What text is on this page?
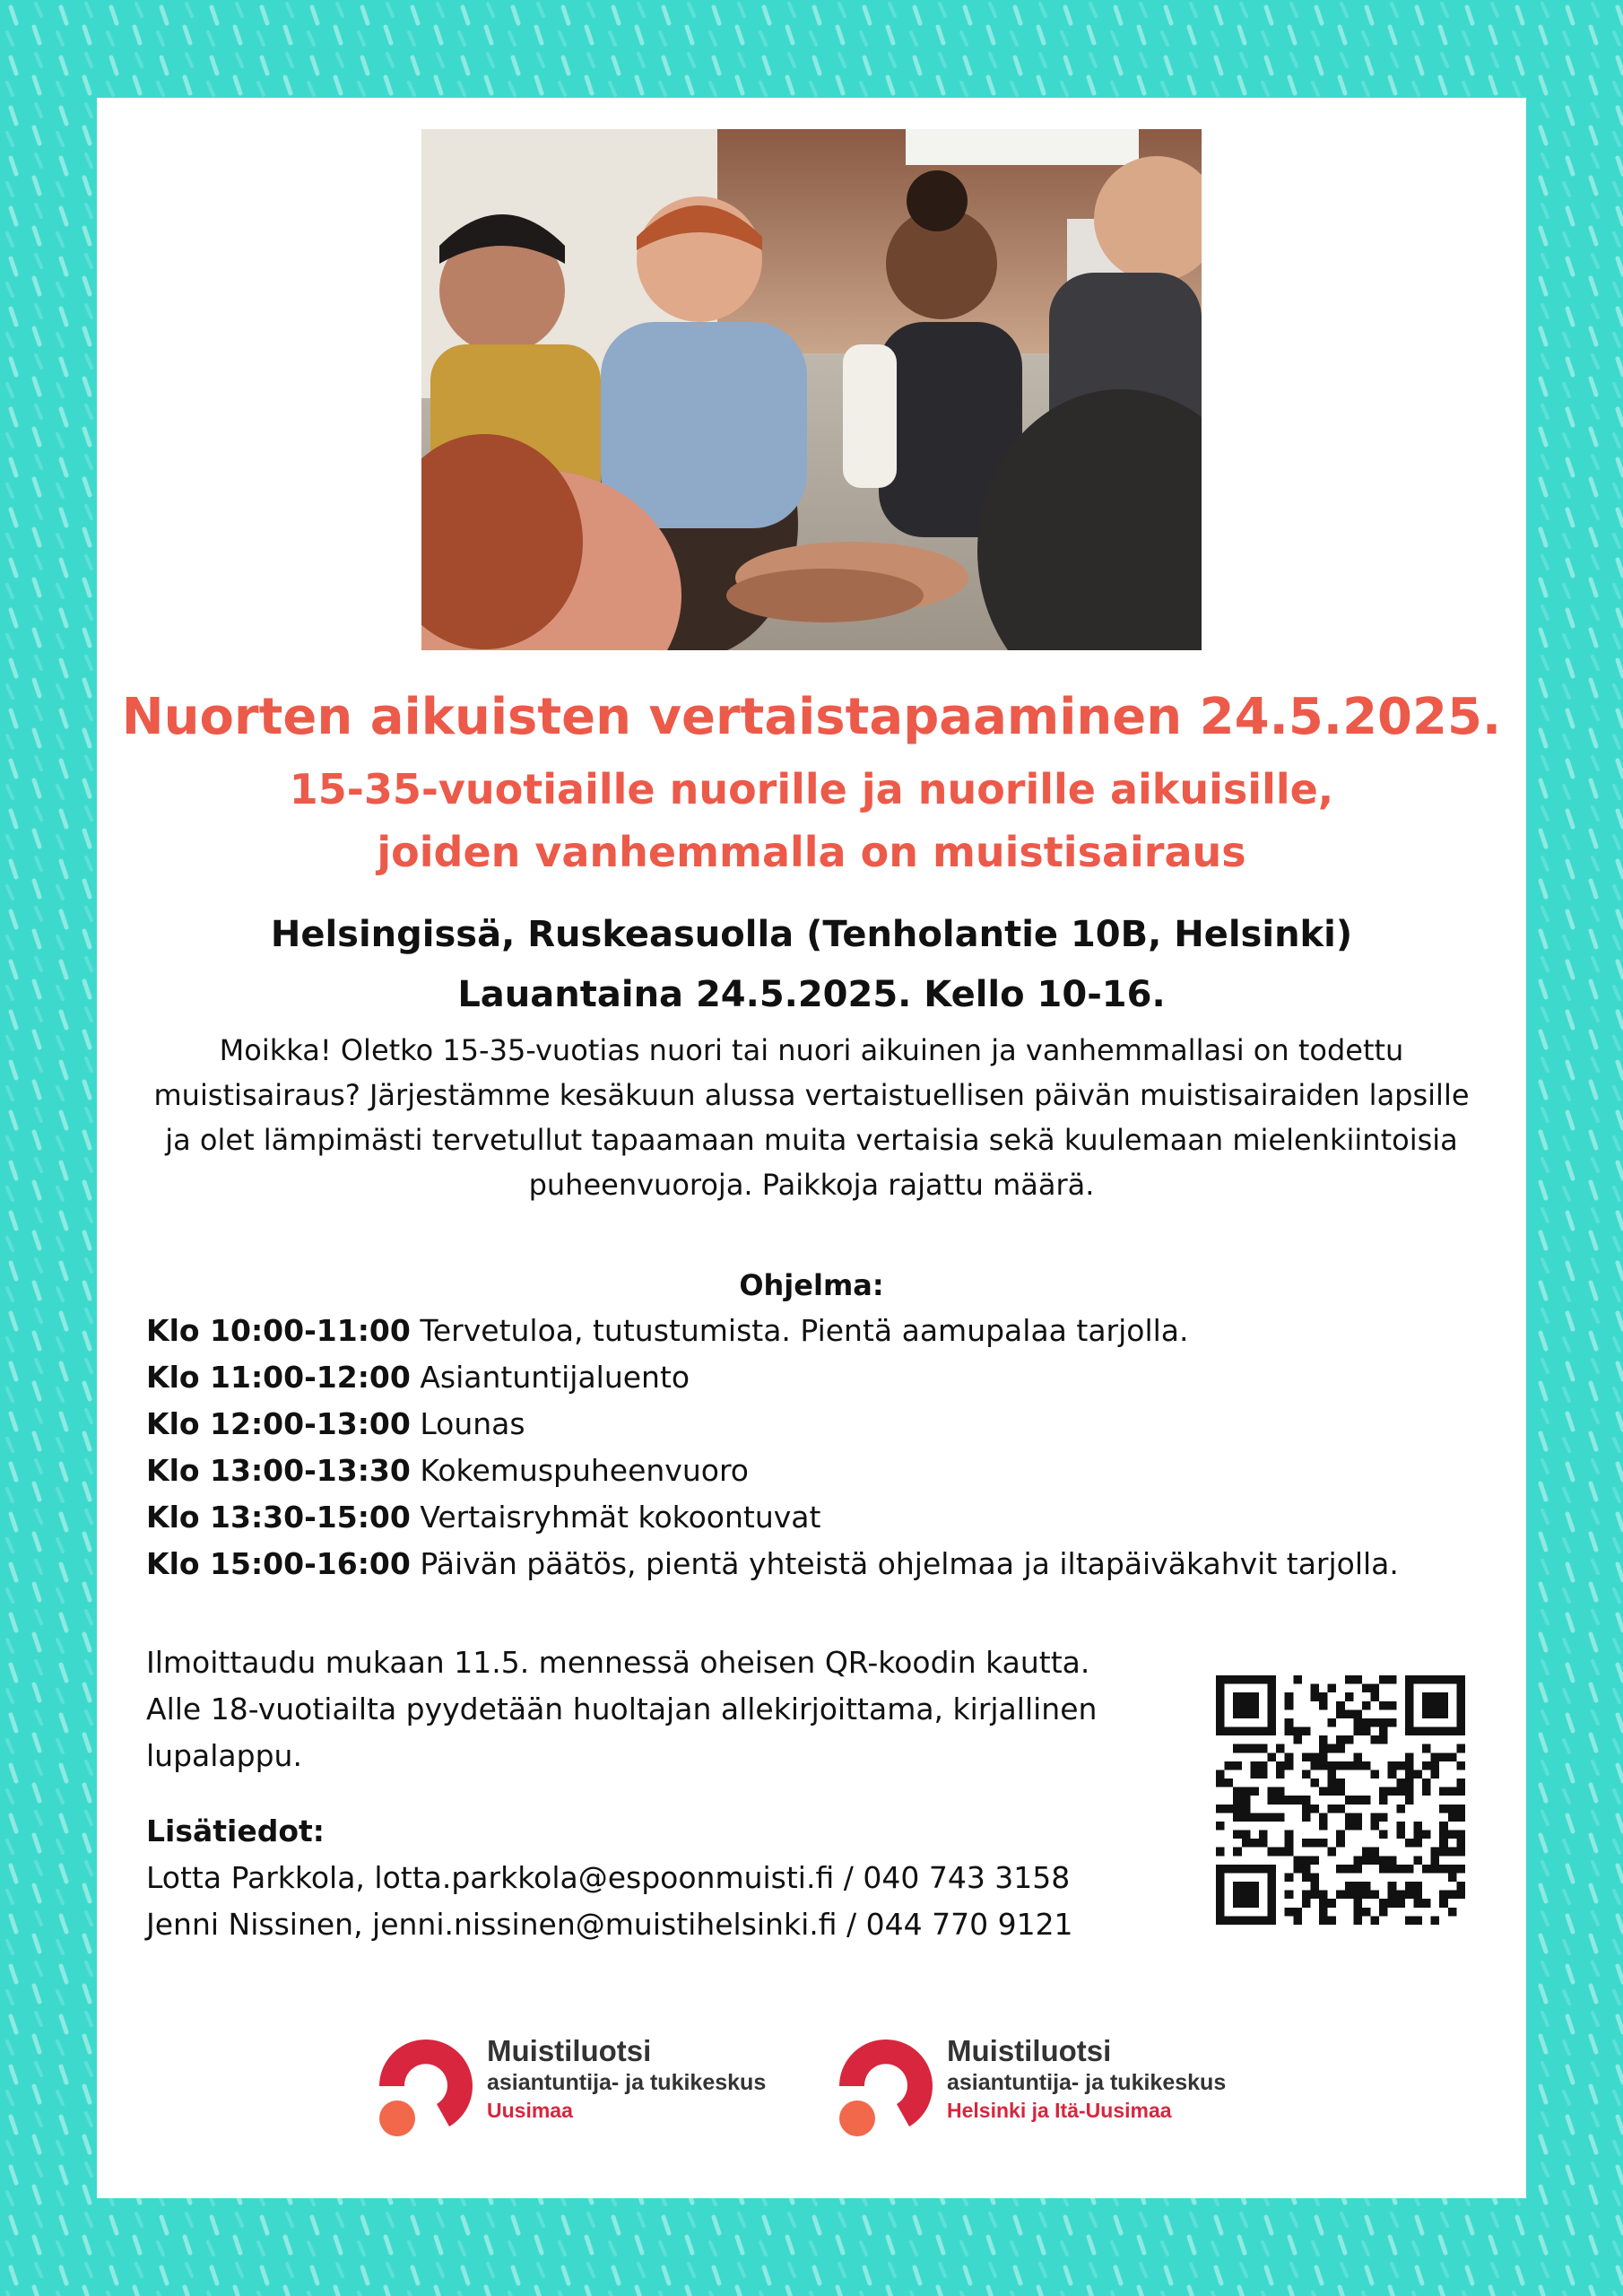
Nuorten aikuisten vertaistapaaminen 24.5.2025.
15-35-vuotiaille nuorille ja nuorille aikuisille, joiden vanhemmalla on muistisairaus

Helsingissä, Ruskeasuolla (Tenholantie 10B, Helsinki)

Lauantaina 24.5.2025. Kello 10-16.

Moikka! Oletko 15-35-vuotias nuori tai nuori aikuinen ja vanhemmallasi on todettu muistisairaus? Järjestämme kesäkuun alussa vertaistuellisen päivän muistisairaiden lapsille ja olet lämpimästi tervetullut tapaamaan muita vertaisia sekä kuulemaan mielenkiintoisia puheenvuoroja. Paikkoja rajattu määrä.

Ohjelma:

Klo 10:00-11:00 Tervetuloa, tutustumista. Pientä aamupalaa tarjolla.
Klo 11:00-12:00 Asiantuntijaluento
Klo 12:00-13:00 Lounas
Klo 13:00-13:30 Kokemuspuheenvuoro
Klo 13:30-15:00 Vertaisryhmät kokoontuvat
Klo 15:00-16:00 Päivän päätös, pientä yhteistä ohjelmaa ja iltapäiväkahvit tarjolla.

Ilmoittaudu mukaan 11.5. mennessä oheisen QR-koodin kautta.
Alle 18-vuotiailta pyydetään huoltajan allekirjoittama, kirjallinen lupalappu.

Lisätiedot:

Lotta Parkkola, lotta.parkkola@espoonmuisti.fi / 040 743 3158
Jenni Nissinen, jenni.nissinen@muistihelsinki.fi / 044 770 9121
Muistiluotsi
asiantuntija- ja tukikeskus
Uusimaa
Muistiluotsi
asiantuntija- ja tukikeskus
Helsinki ja Itä-Uusimaa
